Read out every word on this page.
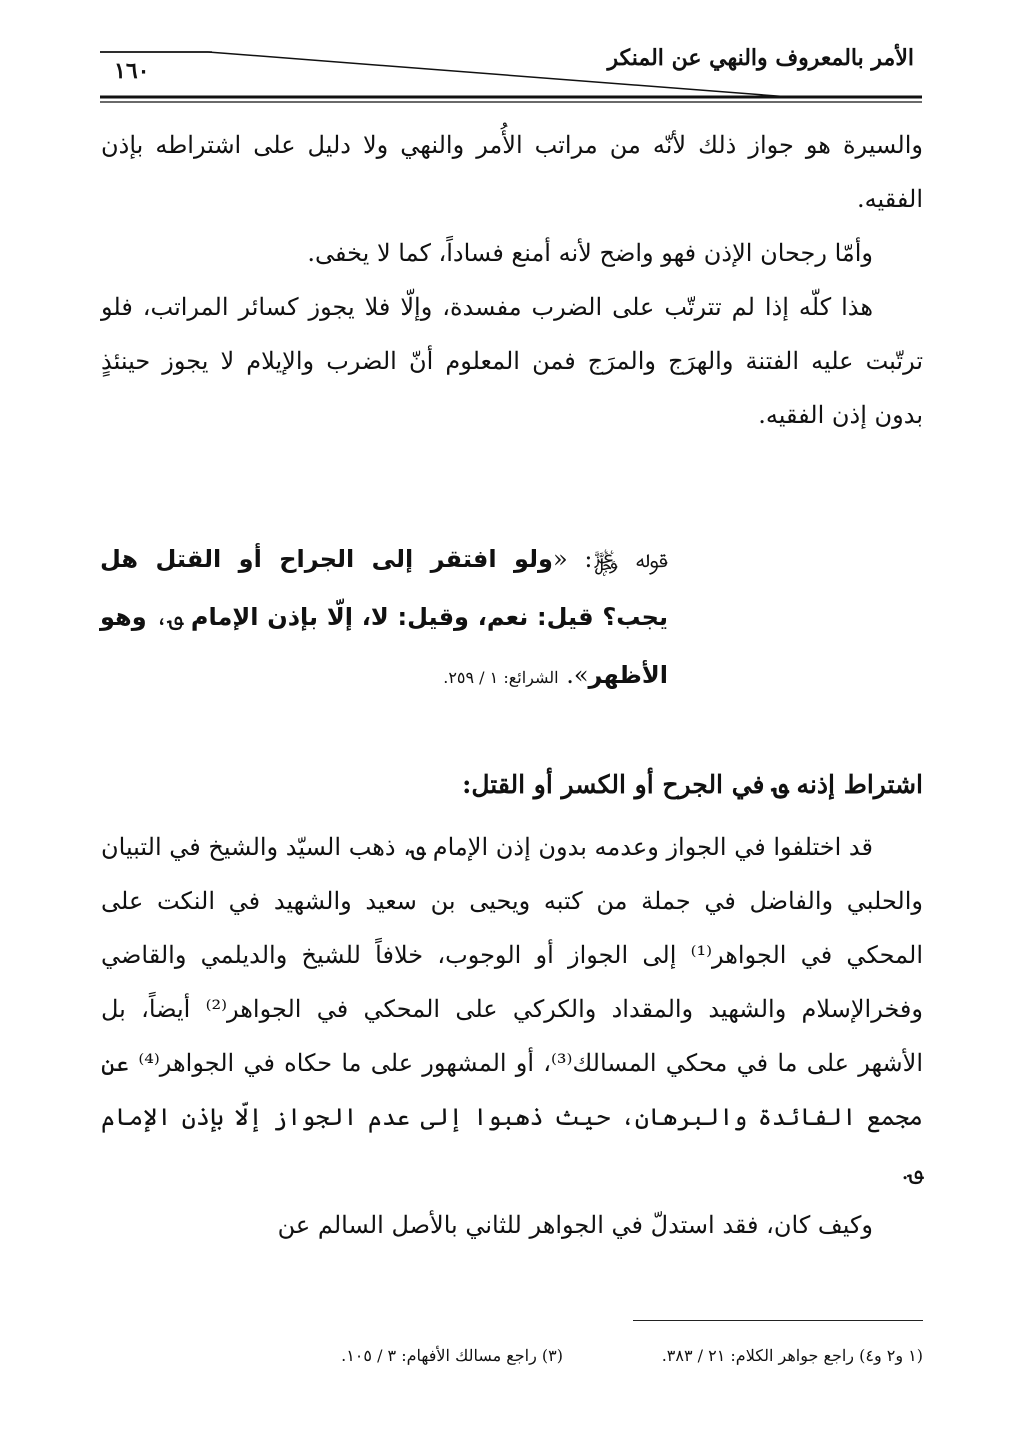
الأمر بالمعروف والنهي عن المنكر
١٦٠

والسيرة هو جواز ذلك لأنّه من مراتب الأُمر والنهي ولا دليل على اشتراطه بإذن الفقيه.

وأمّا رجحان الإذن فهو واضح لأنه أمنع فساداً، كما لا يخفى.

هذا كلّه إذا لم تترتّب على الضرب مفسدة، وإلّا فلا يجوز كسائر المراتب، فلو ترتّبت عليه الفتنة والهرَج والمرَج فمن المعلوم أنّ الضرب والإيلام لا يجوز حينئذٍ بدون إذن الفقيه.

قوله ﷿: «ولو افتقر إلى الجراح أو القتل هل يجب؟ قيل: نعم، وقيل: لا، إلّا بإذن الإمام ؈، وهو الأظهر». الشرائع: ١ / ٢٥٩.
اشتراط إذنه ؈ في الجرح أو الكسر أو القتل:

قد اختلفوا في الجواز وعدمه بدون إذن الإمام ؈، ذهب السيّد والشيخ في التبيان والحلبي والفاضل في جملة من كتبه ويحيى بن سعيد والشهيد في النكت على المحكي في الجواهر⁽¹⁾ إلى الجواز أو الوجوب، خلافاً للشيخ والديلمي والقاضي وفخرالإسلام والشهيد والمقداد والكركي على المحكي في الجواهر⁽²⁾ أيضاً، بل الأشهر على ما في محكي المسالك⁽³⁾، أو المشهور على ما حكاه في الجواهر⁽⁴⁾ عن مجمع الفائدة والبرهان، حيث ذهبوا إلى عدم الجواز إلّا بإذن الإمام ؈.

وكيف كان، فقد استدلّ في الجواهر للثاني بالأصل السالم عن

(١ و٢ و٤) راجع جواهر الكلام: ٢١ / ٣٨٣.
(٣) راجع مسالك الأفهام: ٣ / ١٠٥.
